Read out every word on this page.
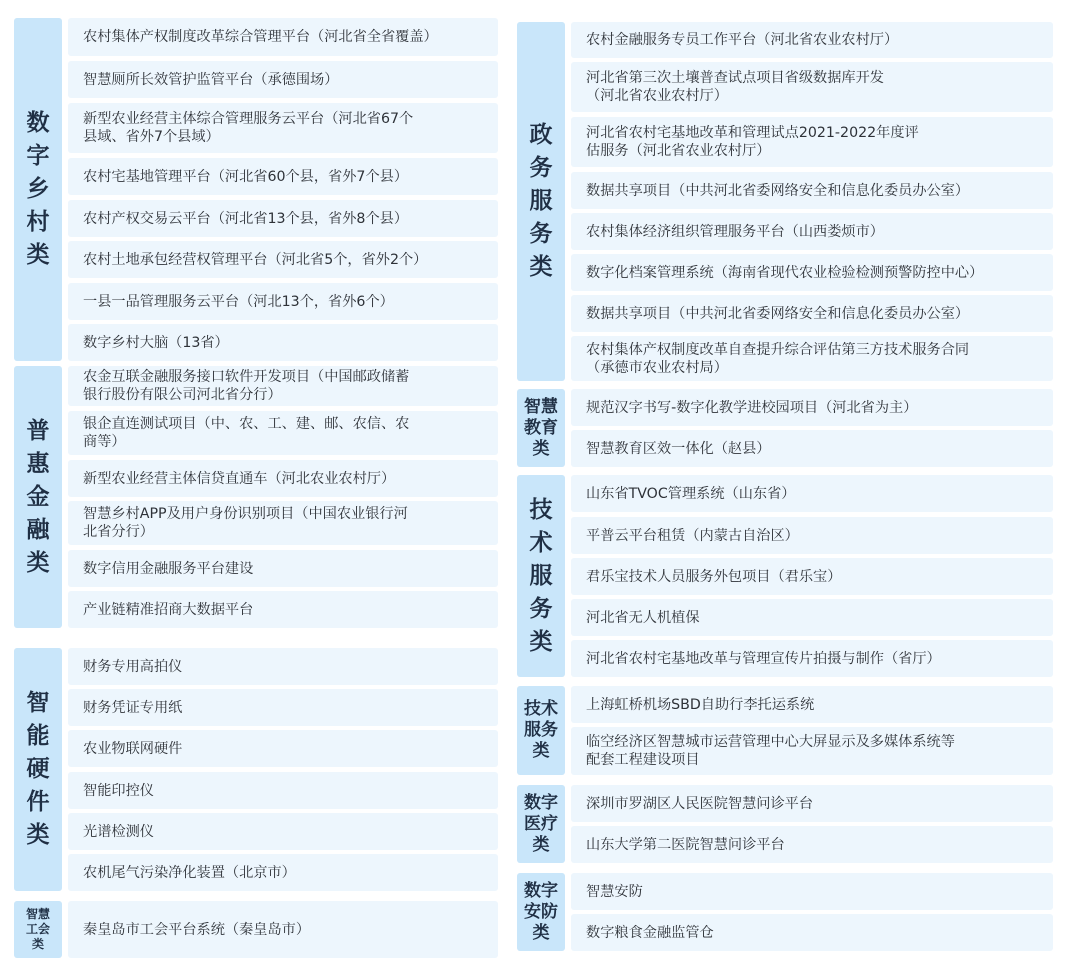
数
字
乡
村
类
农村集体产权制度改革综合管理平台（河北省全省覆盖）
智慧厕所长效管护监管平台（承德围场）
新型农业经营主体综合管理服务云平台（河北省67个
县域、省外7个县域）
农村宅基地管理平台（河北省60个县，省外7个县）
农村产权交易云平台（河北省13个县，省外8个县）
农村土地承包经营权管理平台（河北省5个，省外2个）
一县一品管理服务云平台（河北13个，省外6个）
数字乡村大脑（13省）
普
惠
金
融
类
农金互联金融服务接口软件开发项目（中国邮政储蓄
银行股份有限公司河北省分行）
银企直连测试项目（中、农、工、建、邮、农信、农
商等）
新型农业经营主体信贷直通车（河北农业农村厅）
智慧乡村APP及用户身份识别项目（中国农业银行河
北省分行）
数字信用金融服务平台建设
产业链精准招商大数据平台
智
能
硬
件
类
财务专用高拍仪
财务凭证专用纸
农业物联网硬件
智能印控仪
光谱检测仪
农机尾气污染净化装置（北京市）
智慧
工会
类
秦皇岛市工会平台系统（秦皇岛市）
政
务
服
务
类
农村金融服务专员工作平台（河北省农业农村厅）
河北省第三次土壤普查试点项目省级数据库开发
（河北省农业农村厅）
河北省农村宅基地改革和管理试点2021-2022年度评
估服务（河北省农业农村厅）
数据共享项目（中共河北省委网络安全和信息化委员办公室）
农村集体经济组织管理服务平台（山西娄烦市）
数字化档案管理系统（海南省现代农业检验检测预警防控中心）
数据共享项目（中共河北省委网络安全和信息化委员办公室）
农村集体产权制度改革自查提升综合评估第三方技术服务合同
（承德市农业农村局）
智慧
教育
类
规范汉字书写-数字化教学进校园项目（河北省为主）
智慧教育区效一体化（赵县）
技
术
服
务
类
山东省TVOC管理系统（山东省）
平普云平台租赁（内蒙古自治区）
君乐宝技术人员服务外包项目（君乐宝）
河北省无人机植保
河北省农村宅基地改革与管理宣传片拍摄与制作（省厅）
技术
服务
类
上海虹桥机场SBD自助行李托运系统
临空经济区智慧城市运营管理中心大屏显示及多媒体系统等
配套工程建设项目
数字
医疗
类
深圳市罗湖区人民医院智慧问诊平台
山东大学第二医院智慧问诊平台
数字
安防
类
智慧安防
数字粮食金融监管仓
